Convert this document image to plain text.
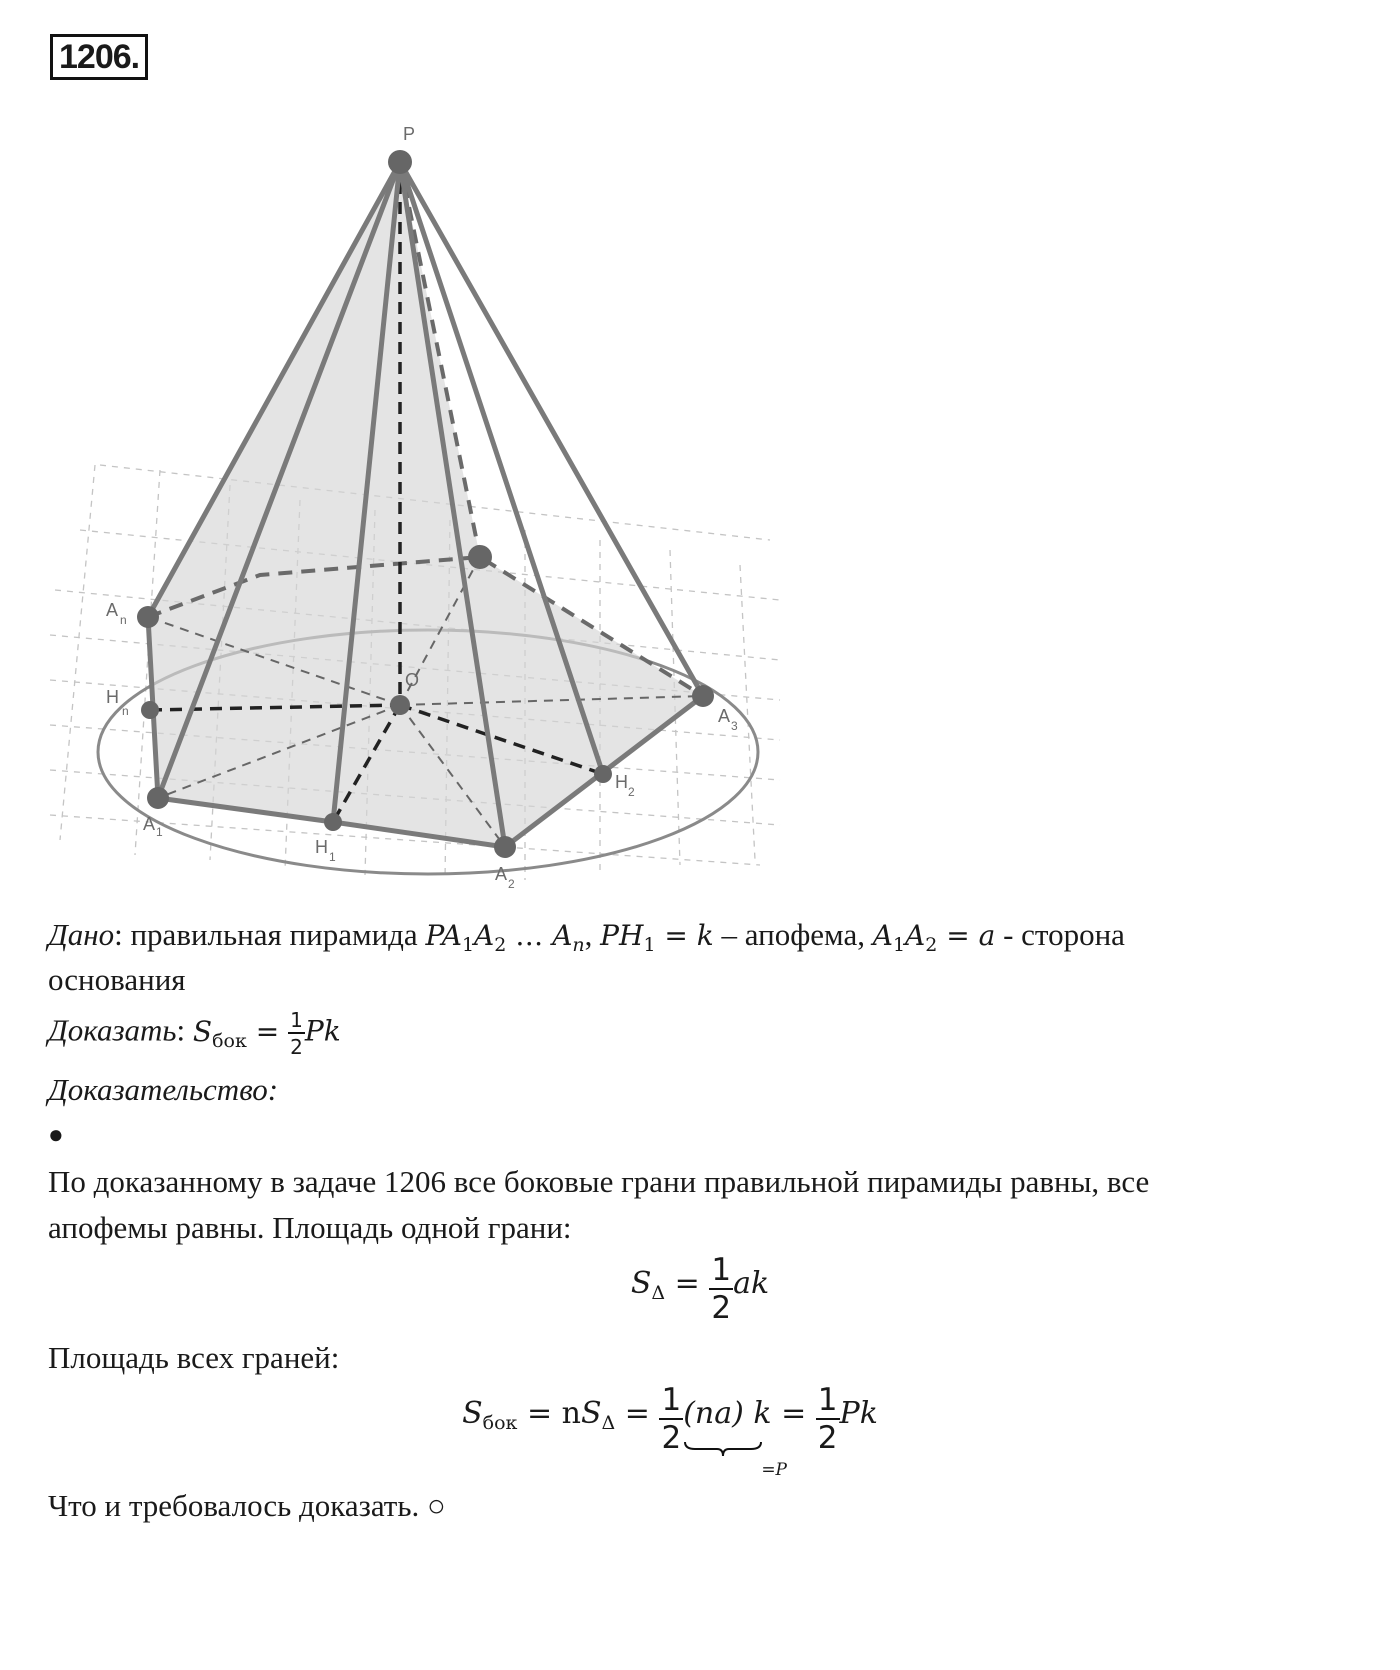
1206.
P
O
A n
H
n
A 1
H 1
A 2
H 2
A 3
Дано: правильная пирамида $PA_1A_2$ … $A_n$, $PH_1 = k$ – апофема, $A_1A_2 = a$ - сторона
основания
Доказать: $S_{бок} = \frac{1}{2}$ Pk
Доказательство:
●
По доказанному в задаче 1206 все боковые грани правильной пирамиды равны, все
апофемы равны. Площадь одной грани:
$S_\Delta = \frac{1}{2}$ ak
Площадь всех граней:
$S_{бок} = nS_\Delta = \frac{1}{2} (na)$
=P
$k = \frac{1}{2}$ Pk
Что и требовалось доказать. ○
